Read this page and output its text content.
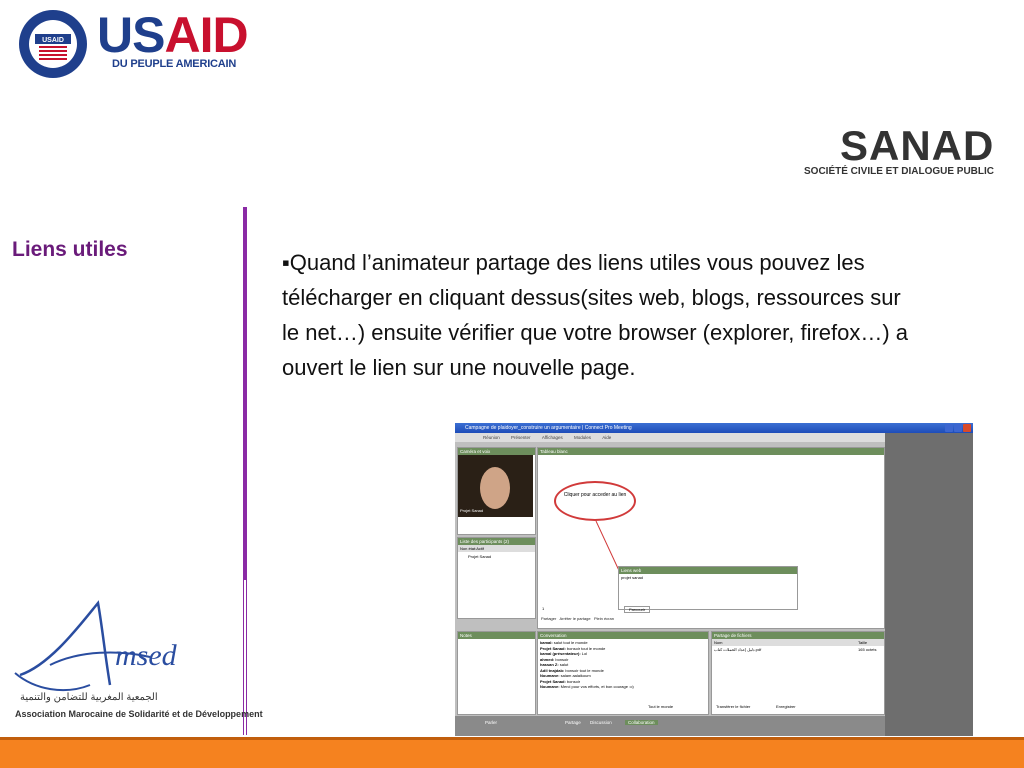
USAID USAID
DU PEUPLE AMERICAIN
SANAD
SOCIÉTÉ CIVILE ET DIALOGUE PUBLIC
Liens utiles
▪Quand l’animateur partage des liens utiles vous pouvez les télécharger en cliquant dessus(sites web, blogs, ressources sur le net…) ensuite vérifier que votre browser (explorer, firefox…) a ouvert le lien sur une nouvelle page.
msed
الجمعية المغربية للتضامن والتنمية
Association Marocaine de Solidarité et de Développement
Campagne de plaidoyer_construire un argumentaire | Connect Pro Meeting
Réunion	Présenter	Affichages	Modules	Aide
Caméra et voix
Projet Sanad
Liste des participants (2)
Non état:Actif
Projet Sanad
Tableau blanc
Cliquer pour acceder au lien
Liens web
projet sanad
1	Parcourir
Partager Arrêter le partage Plein écran
Notes	Conversation
kamal: salut tout le monde
Projet Sanad: bonsoir tout le monde
kamal (présentateur): Lol
ahmed: bonsoir
hassan Z: salut
Adil tnajdab: bonsoir tout le monde
Noumane: salam aalaikoum
Projet Sanad: bonsoir
Noumane: Merci pour vos efforts, et bon courage :o)
Tout le monde
Partage de fichiers
Nom	Taille
دليل إعداد الحملات كتاب.pdf	165 octets
Transférer le fichier	Enregistrer
Parler	Partage Discussion	Collaboration
